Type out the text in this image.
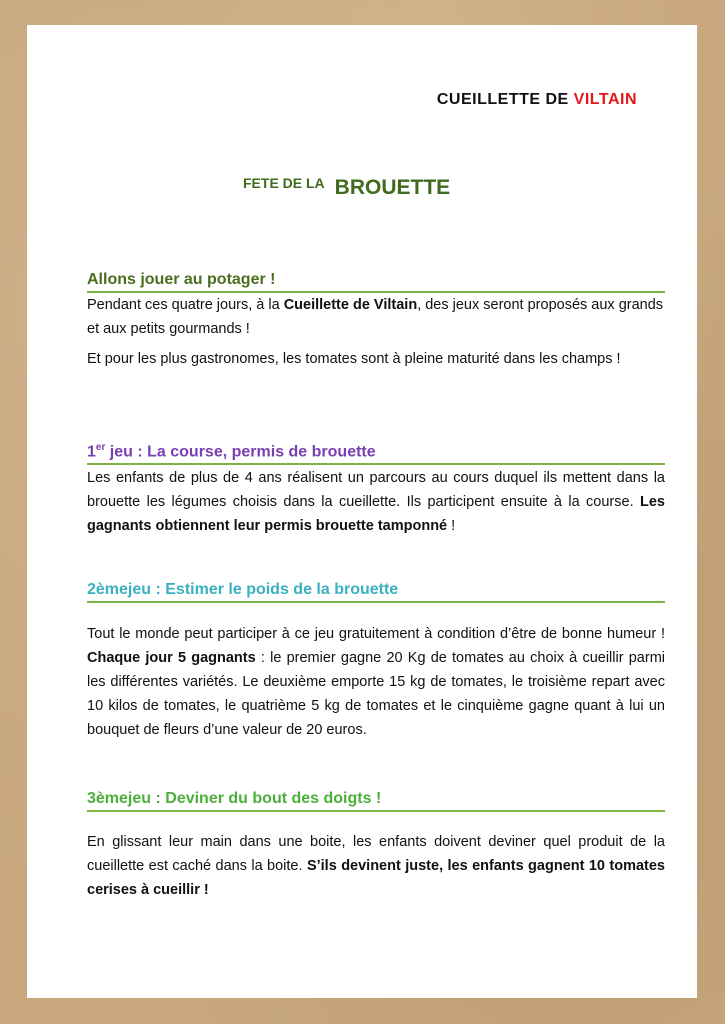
CUEILLETTE DE VILTAIN
FETE DE LA BROUETTE
Allons jouer au potager !
Pendant ces quatre jours, à la Cueillette de Viltain, des jeux seront proposés aux grands et aux petits gourmands !
Et pour les plus gastronomes, les tomates sont à pleine maturité dans les champs !
1er jeu : La course, permis de brouette
Les enfants de plus de 4 ans réalisent un parcours au cours duquel ils mettent dans la brouette les légumes choisis dans la cueillette. Ils participent ensuite à la course. Les gagnants obtiennent leur permis brouette tamponné !
2èmejeu : Estimer le poids de la brouette
Tout le monde peut participer à ce jeu gratuitement à condition d’être de bonne humeur ! Chaque jour 5 gagnants : le premier gagne 20 Kg de tomates au choix à cueillir parmi les différentes variétés. Le deuxième emporte 15 kg de tomates, le troisième repart avec 10 kilos de tomates, le quatrième 5 kg de tomates et le cinquième gagne quant à lui un bouquet de fleurs d’une valeur de 20 euros.
3èmejeu : Deviner du bout des doigts !
En glissant leur main dans une boite, les enfants doivent deviner quel produit de la cueillette est caché dans la boite. S’ils devinent juste, les enfants gagnent 10 tomates cerises à cueillir !
